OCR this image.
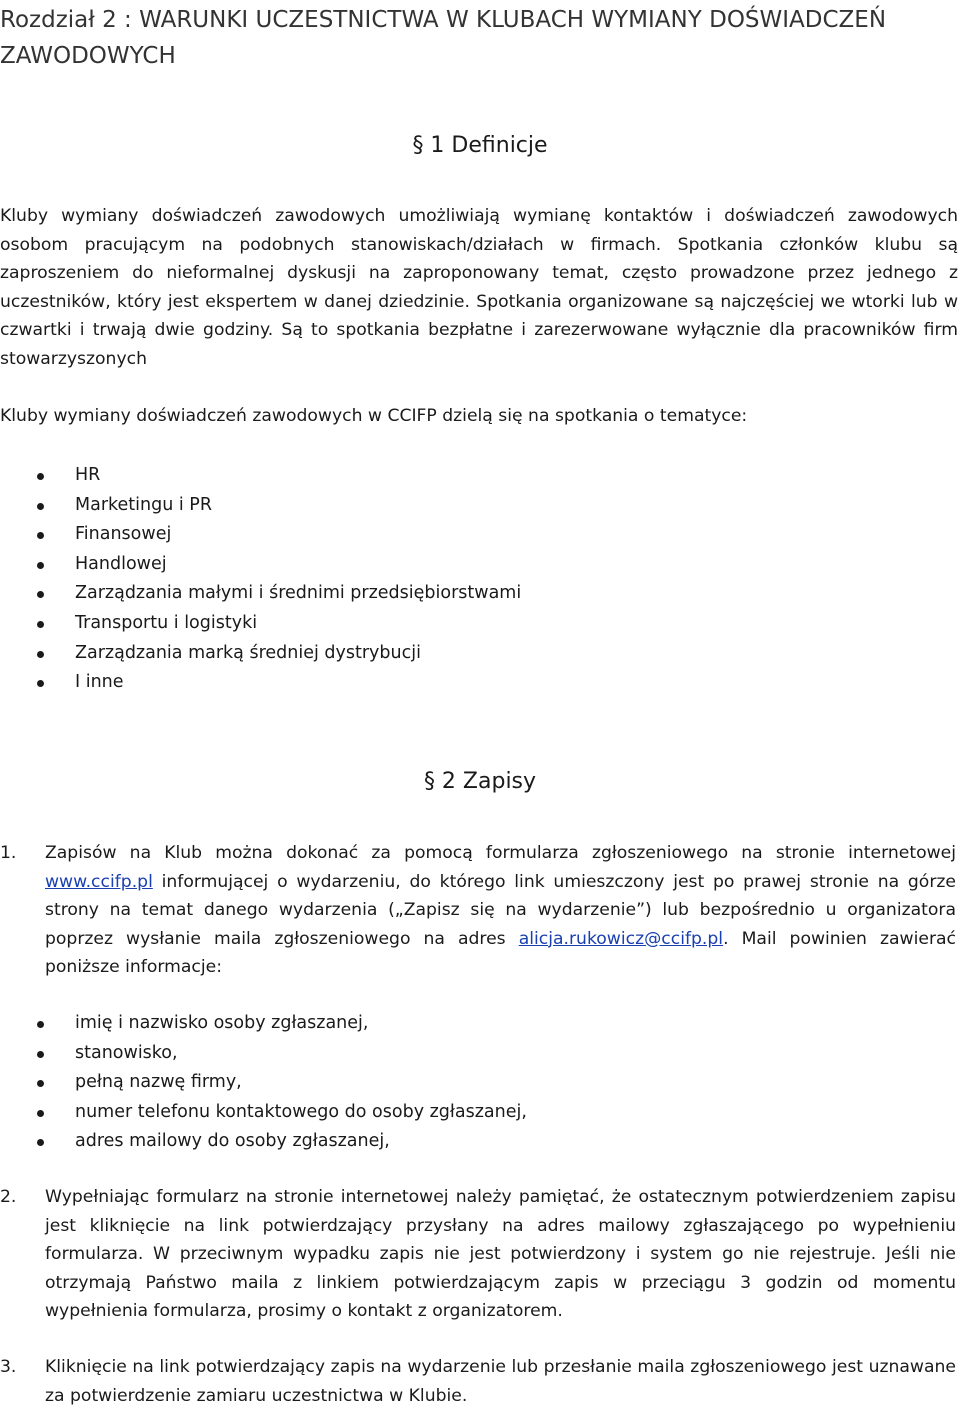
Rozdział 2 : WARUNKI UCZESTNICTWA W KLUBACH WYMIANY DOŚWIADCZEŃ ZAWODOWYCH
§ 1 Definicje

Kluby wymiany doświadczeń zawodowych umożliwiają wymianę kontaktów i doświadczeń zawodowych osobom pracującym na podobnych stanowiskach/działach w firmach. Spotkania członków klubu są zaproszeniem do nieformalnej dyskusji na zaproponowany temat, często prowadzone przez jednego z uczestników, który jest ekspertem w danej dziedzinie. Spotkania organizowane są najczęściej we wtorki lub w czwartki i trwają dwie godziny. Są to spotkania bezpłatne i zarezerwowane wyłącznie dla pracowników firm stowarzyszonych

Kluby wymiany doświadczeń zawodowych w CCIFP dzielą się na spotkania o tematyce:

HR
Marketingu i PR
Finansowej
Handlowej
Zarządzania małymi i średnimi przedsiębiorstwami
Transportu i logistyki
Zarządzania marką średniej dystrybucji
I inne
§ 2 Zapisy
1. Zapisów na Klub można dokonać za pomocą formularza zgłoszeniowego na stronie internetowej www.ccifp.pl informującej o wydarzeniu, do którego link umieszczony jest po prawej stronie na górze strony na temat danego wydarzenia („Zapisz się na wydarzenie”) lub bezpośrednio u organizatora poprzez wysłanie maila zgłoszeniowego na adres alicja.rukowicz@ccifp.pl. Mail powinien zawierać poniższe informacje:
imię i nazwisko osoby zgłaszanej,
stanowisko,
pełną nazwę firmy,
numer telefonu kontaktowego do osoby zgłaszanej,
adres mailowy do osoby zgłaszanej,
2. Wypełniając formularz na stronie internetowej należy pamiętać, że ostatecznym potwierdzeniem zapisu jest kliknięcie na link potwierdzający przysłany na adres mailowy zgłaszającego po wypełnieniu formularza. W przeciwnym wypadku zapis nie jest potwierdzony i system go nie rejestruje. Jeśli nie otrzymają Państwo maila z linkiem potwierdzającym zapis w przeciągu 3 godzin od momentu wypełnienia formularza, prosimy o kontakt z organizatorem.
3. Kliknięcie na link potwierdzający zapis na wydarzenie lub przesłanie maila zgłoszeniowego jest uznawane za potwierdzenie zamiaru uczestnictwa w Klubie.
